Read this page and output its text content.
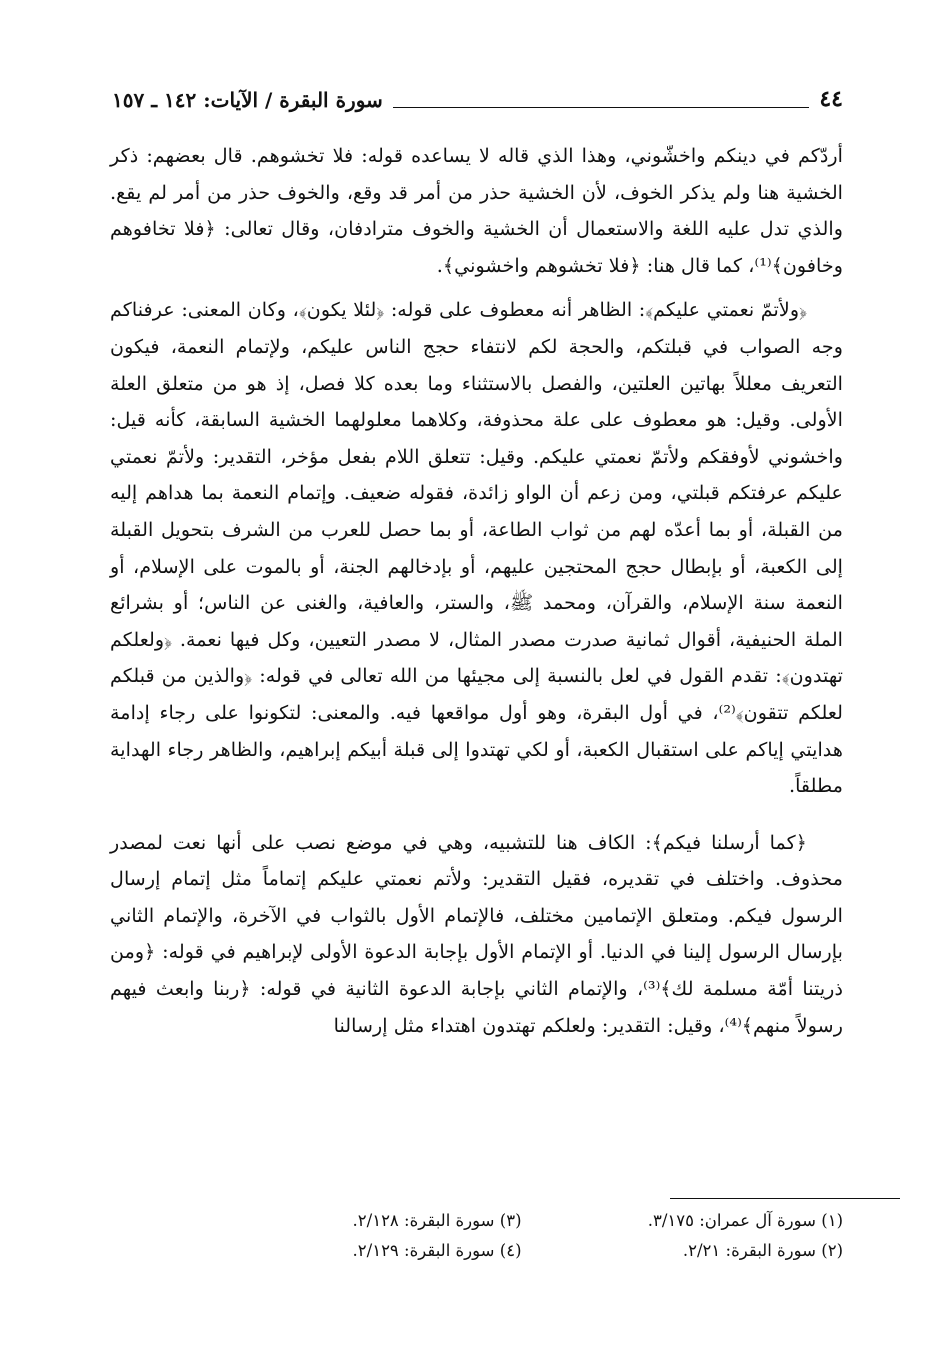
٤٤
سورة البقرة / الآيات: ١٤٢ ـ ١٥٧

أردّكم في دينكم واخشّوني، وهذا الذي قاله لا يساعده قوله: فلا تخشوهم. قال بعضهم: ذكر الخشية هنا ولم يذكر الخوف، لأن الخشية حذر من أمر قد وقع، والخوف حذر من أمر لم يقع. والذي تدل عليه اللغة والاستعمال أن الخشية والخوف مترادفان، وقال تعالى: ﴿فلا تخافوهم وخافون﴾⁽¹⁾، كما قال هنا: ﴿فلا تخشوهم واخشوني﴾.

﴿ولأتمّ نعمتي عليكم﴾: الظاهر أنه معطوف على قوله: ﴿لئلا يكون﴾، وكان المعنى: عرفناكم وجه الصواب في قبلتكم، والحجة لكم لانتفاء حجج الناس عليكم، ولإتمام النعمة، فيكون التعريف معللاً بهاتين العلتين، والفصل بالاستثناء وما بعده كلا فصل، إذ هو من متعلق العلة الأولى. وقيل: هو معطوف على علة محذوفة، وكلاهما معلولهما الخشية السابقة، كأنه قيل: واخشوني لأوفقكم ولأتمّ نعمتي عليكم. وقيل: تتعلق اللام بفعل مؤخر، التقدير: ولأتمّ نعمتي عليكم عرفتكم قبلتي، ومن زعم أن الواو زائدة، فقوله ضعيف. وإتمام النعمة بما هداهم إليه من القبلة، أو بما أعدّه لهم من ثواب الطاعة، أو بما حصل للعرب من الشرف بتحويل القبلة إلى الكعبة، أو بإبطال حجج المحتجين عليهم، أو بإدخالهم الجنة، أو بالموت على الإسلام، أو النعمة سنة الإسلام، والقرآن، ومحمد ﷺ، والستر، والعافية، والغنى عن الناس؛ أو بشرائع الملة الحنيفية، أقوال ثمانية صدرت مصدر المثال، لا مصدر التعيين، وكل فيها نعمة. ﴿ولعلكم تهتدون﴾: تقدم القول في لعل بالنسبة إلى مجيئها من الله تعالى في قوله: ﴿والذين من قبلكم لعلكم تتقون﴾⁽²⁾، في أول البقرة، وهو أول مواقعها فيه. والمعنى: لتكونوا على رجاء إدامة هدايتي إياكم على استقبال الكعبة، أو لكي تهتدوا إلى قبلة أبيكم إبراهيم، والظاهر رجاء الهداية مطلقاً.

﴿كما أرسلنا فيكم﴾: الكاف هنا للتشبيه، وهي في موضع نصب على أنها نعت لمصدر محذوف. واختلف في تقديره، فقيل التقدير: ولأتم نعمتي عليكم إتماماً مثل إتمام إرسال الرسول فيكم. ومتعلق الإتمامين مختلف، فالإتمام الأول بالثواب في الآخرة، والإتمام الثاني بإرسال الرسول إلينا في الدنيا. أو الإتمام الأول بإجابة الدعوة الأولى لإبراهيم في قوله: ﴿ومن ذريتنا أمّة مسلمة لك﴾⁽³⁾، والإتمام الثاني بإجابة الدعوة الثانية في قوله: ﴿ربنا وابعث فيهم رسولاً منهم﴾⁽⁴⁾، وقيل: التقدير: ولعلكم تهتدون اهتداء مثل إرسالنا

(١) سورة آل عمران: ٣/١٧٥.
(٢) سورة البقرة: ٢/٢١.
(٣) سورة البقرة: ٢/١٢٨.
(٤) سورة البقرة: ٢/١٢٩.
